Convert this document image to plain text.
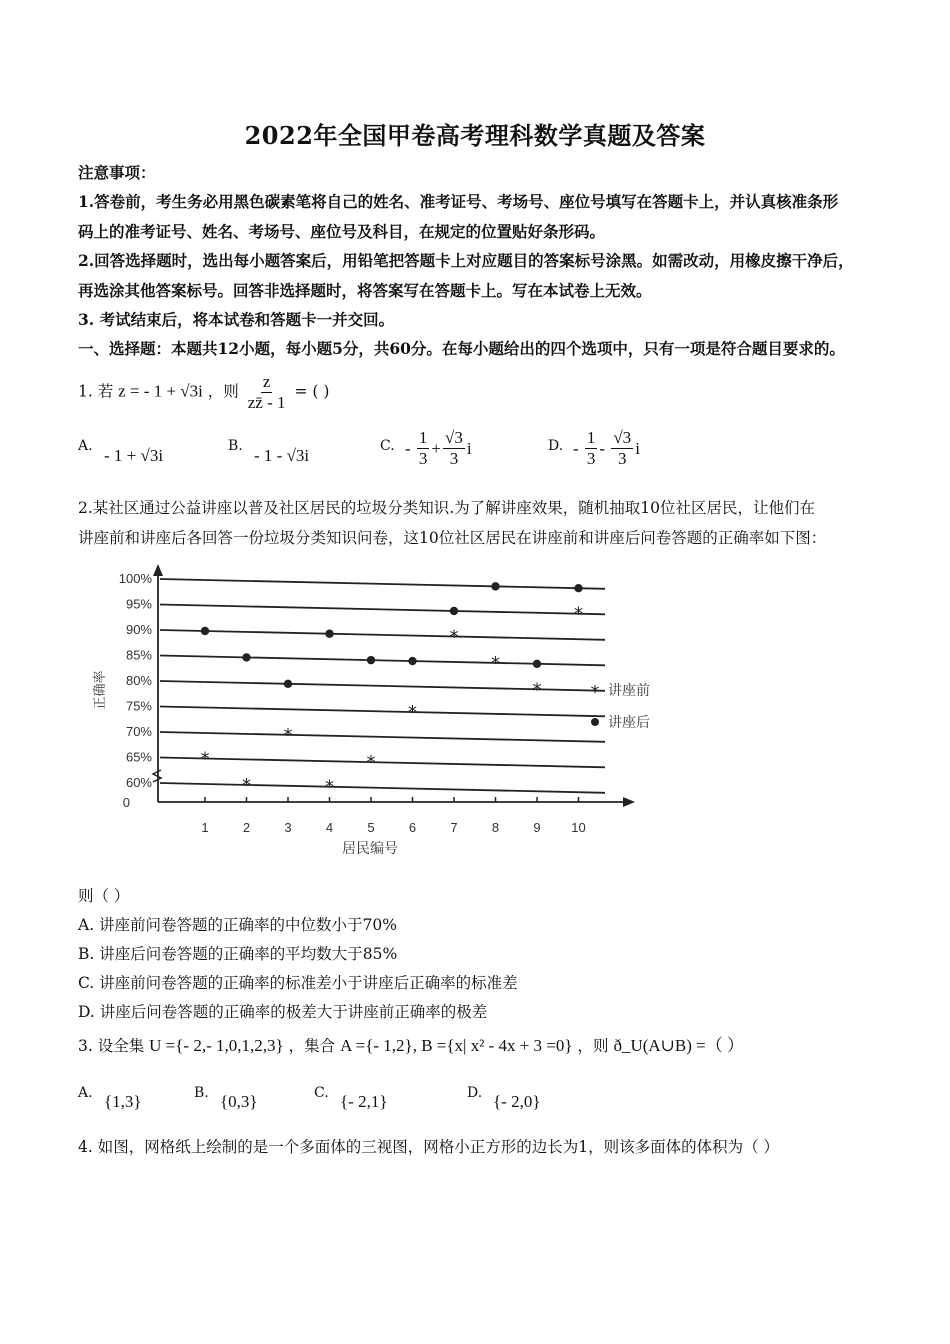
2022年全国甲卷高考理科数学真题及答案
注意事项：
1.答卷前，考生务必用黑色碳素笔将自己的姓名、准考证号、考场号、座位号填写在答题卡上，并认真核准条形
码上的准考证号、姓名、考场号、座位号及科目，在规定的位置贴好条形码。
2.回答选择题时，选出每小题答案后，用铅笔把答题卡上对应题目的答案标号涂黑。如需改动，用橡皮擦干净后，
再选涂其他答案标号。回答非选择题时，将答案写在答题卡上。写在本试卷上无效。
3. 考试结束后，将本试卷和答题卡一并交回。
一、选择题：本题共12小题，每小题5分，共60分。在每小题给出的四个选项中，只有一项是符合题目要求的。
1. 若 z = - 1 + √3i ，则 $\frac{z}{zz̄ - 1}$ = ( )
A. - 1 + √3i	B. - 1 - √3i	C. - $\frac{1}{3} + \frac{√3}{3}$ i	D. - $\frac{1}{3} - \frac{√3}{3}$ i
2.某社区通过公益讲座以普及社区居民的垃圾分类知识.为了解讲座效果，随机抽取10位社区居民，让他们在
讲座前和讲座后各回答一份垃圾分类知识问卷，这10位社区居民在讲座前和讲座后问卷答题的正确率如下图：
100%
95%
90%
85%
80%
75%
70%
65%
60%
0
1	2	3	4	5	6	7	8	9 10
*
*
*
*
*
*
*
*
*
*
* 讲座前
讲座后
居民编号
正确率
则（ ）
A. 讲座前问卷答题的正确率的中位数小于70%
B. 讲座后问卷答题的正确率的平均数大于85%
C. 讲座前问卷答题的正确率的标准差小于讲座后正确率的标准差
D. 讲座后问卷答题的正确率的极差大于讲座前正确率的极差
3. 设全集 U ={- 2,- 1,0,1,2,3} ，集合 A ={- 1,2}, B ={x| x² - 4x + 3 =0} ，则 ð_U(A∪B) =（ ）
A. {1,3}	B. {0,3}	C. {- 2,1}	D. {- 2,0}
4. 如图，网格纸上绘制的是一个多面体的三视图，网格小正方形的边长为1，则该多面体的体积为（ ）
